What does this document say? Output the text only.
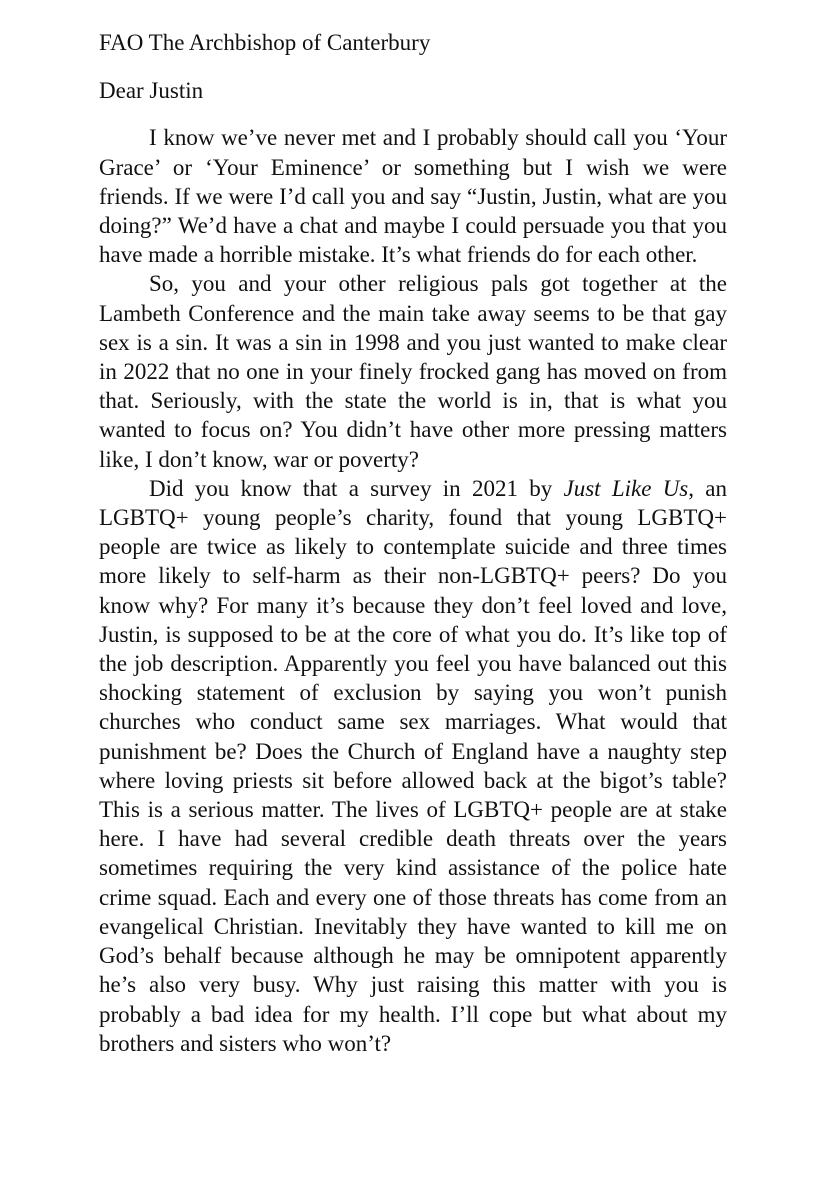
FAO The Archbishop of Canterbury

Dear Justin

I know we’ve never met and I probably should call you ‘Your Grace’ or ‘Your Eminence’ or something but I wish we were friends. If we were I’d call you and say “Justin, Justin, what are you doing?” We’d have a chat and maybe I could persuade you that you have made a horrible mistake. It’s what friends do for each other.

So, you and your other religious pals got together at the Lambeth Conference and the main take away seems to be that gay sex is a sin. It was a sin in 1998 and you just wanted to make clear in 2022 that no one in your finely frocked gang has moved on from that. Seriously, with the state the world is in, that is what you wanted to focus on? You didn’t have other more pressing matters like, I don’t know, war or poverty?

Did you know that a survey in 2021 by Just Like Us, an LGBTQ+ young people’s charity, found that young LGBTQ+ people are twice as likely to contemplate suicide and three times more likely to self-harm as their non-LGBTQ+ peers? Do you know why? For many it’s because they don’t feel loved and love, Justin, is supposed to be at the core of what you do. It’s like top of the job description. Apparently you feel you have balanced out this shocking statement of exclusion by saying you won’t punish churches who conduct same sex marriages. What would that punishment be? Does the Church of England have a naughty step where loving priests sit before allowed back at the bigot’s table? This is a serious matter. The lives of LGBTQ+ people are at stake here. I have had several credible death threats over the years sometimes requiring the very kind assistance of the police hate crime squad. Each and every one of those threats has come from an evangelical Christian. Inevitably they have wanted to kill me on God’s behalf because although he may be omnipotent apparently he’s also very busy. Why just raising this matter with you is probably a bad idea for my health. I’ll cope but what about my brothers and sisters who won’t?
